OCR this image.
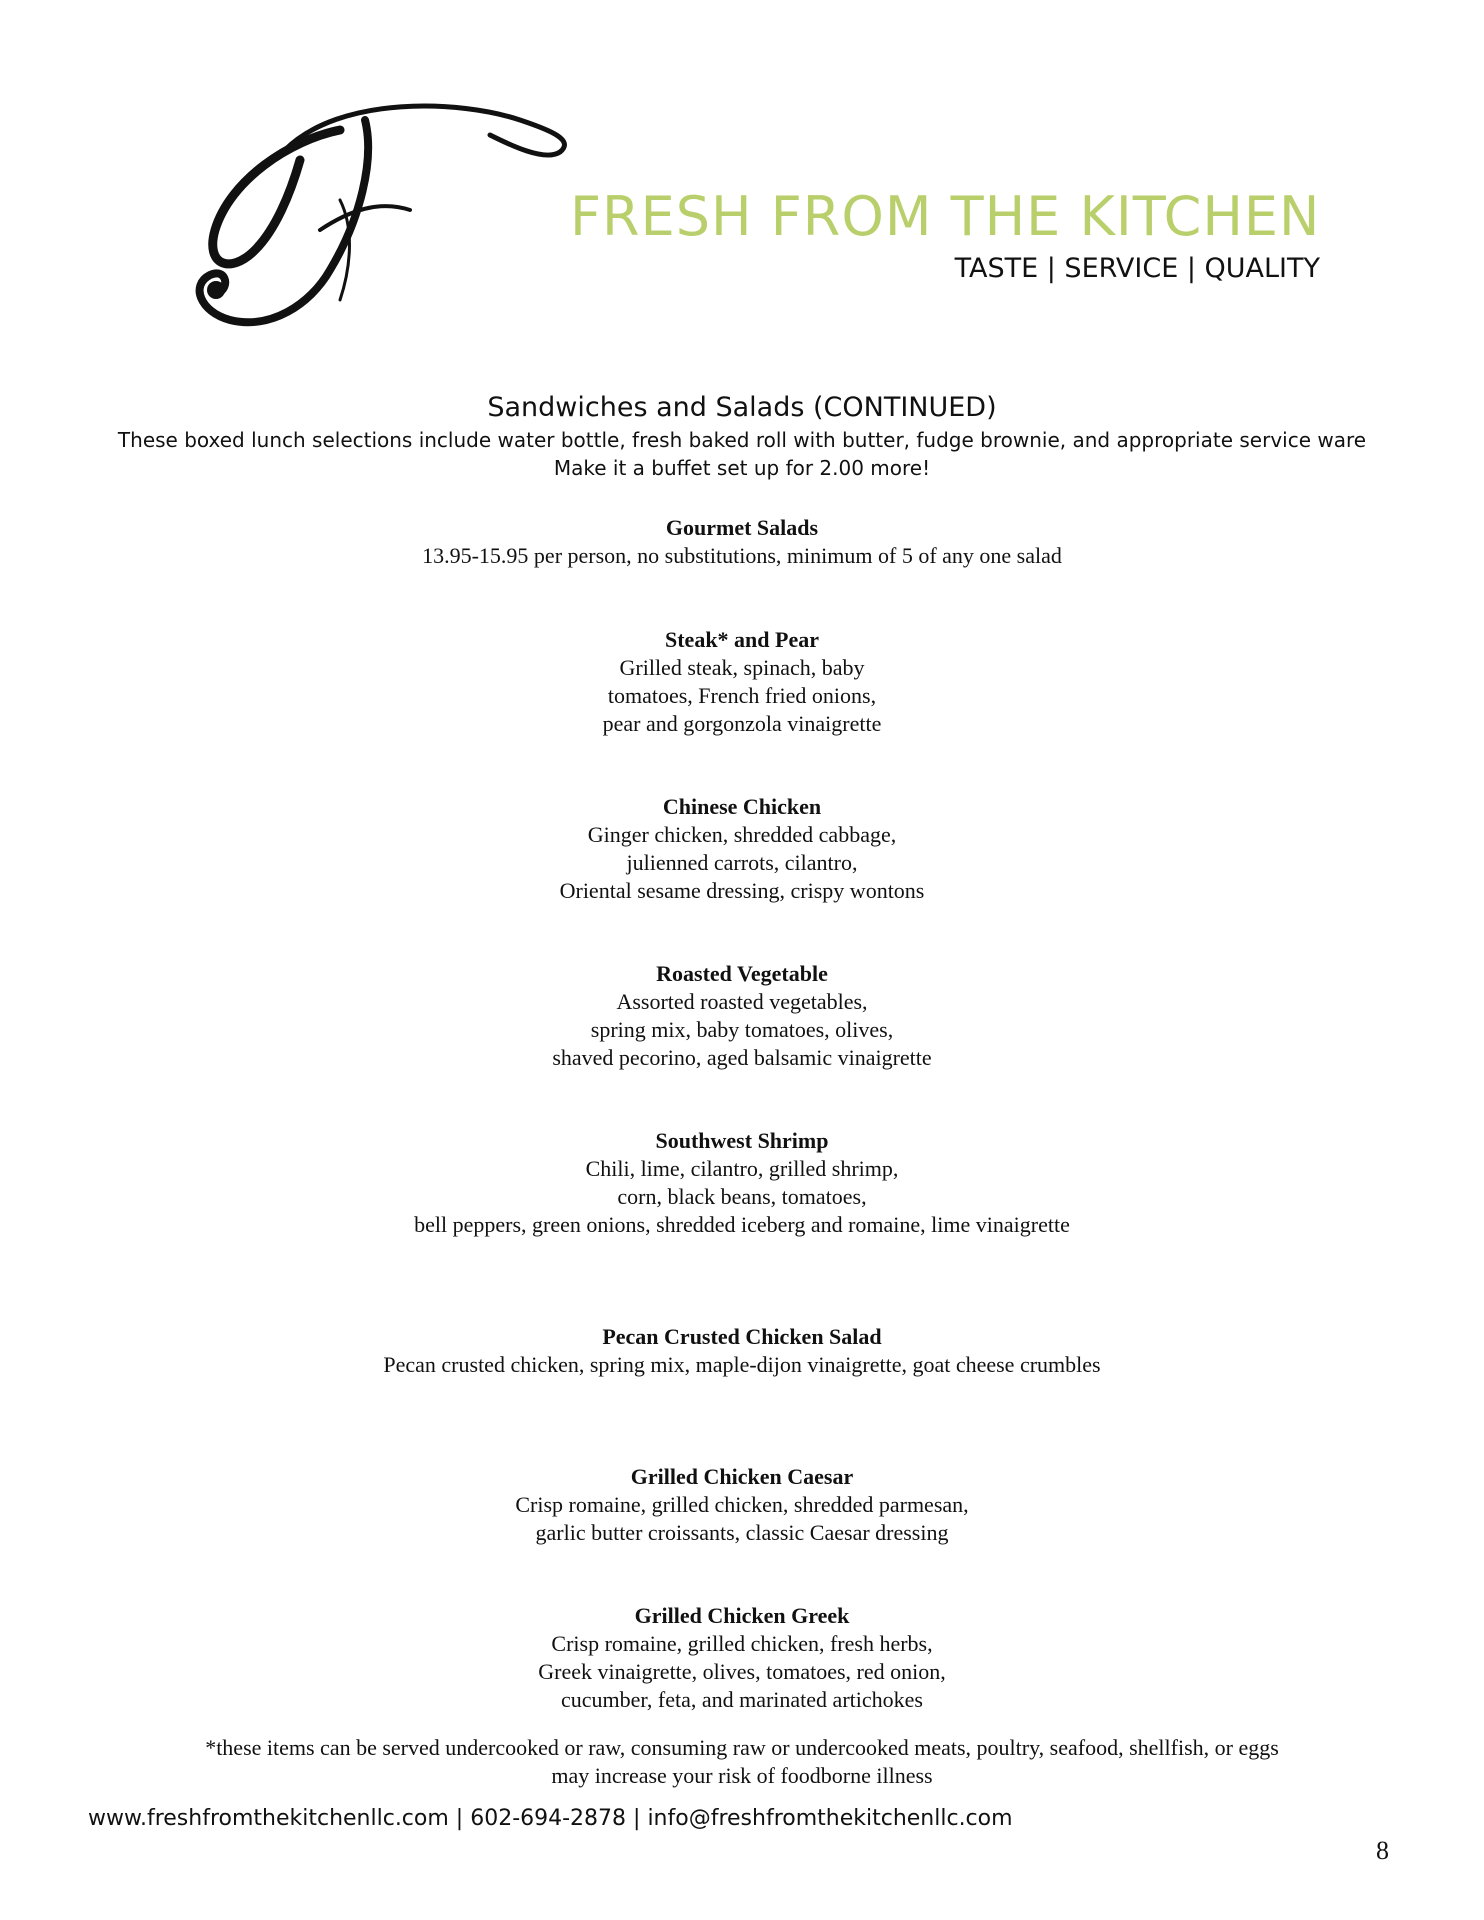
FRESH FROM THE KITCHEN
TASTE | SERVICE | QUALITY
Sandwiches and Salads (CONTINUED)
These boxed lunch selections include water bottle, fresh baked roll with butter, fudge brownie, and appropriate service ware
Make it a buffet set up for 2.00 more!
Gourmet Salads
13.95-15.95 per person, no substitutions, minimum of 5 of any one salad
Steak* and Pear
Grilled steak, spinach, baby
tomatoes, French fried onions,
pear and gorgonzola vinaigrette
Chinese Chicken
Ginger chicken, shredded cabbage,
julienned carrots, cilantro,
Oriental sesame dressing, crispy wontons
Roasted Vegetable
Assorted roasted vegetables,
spring mix, baby tomatoes, olives,
shaved pecorino, aged balsamic vinaigrette
Southwest Shrimp
Chili, lime, cilantro, grilled shrimp,
corn, black beans, tomatoes,
bell peppers, green onions, shredded iceberg and romaine, lime vinaigrette
Pecan Crusted Chicken Salad
Pecan crusted chicken, spring mix, maple-dijon vinaigrette, goat cheese crumbles
Grilled Chicken Caesar
Crisp romaine, grilled chicken, shredded parmesan,
garlic butter croissants, classic Caesar dressing
Grilled Chicken Greek
Crisp romaine, grilled chicken, fresh herbs,
Greek vinaigrette, olives, tomatoes, red onion,
cucumber, feta, and marinated artichokes
*these items can be served undercooked or raw, consuming raw or undercooked meats, poultry, seafood, shellfish, or eggs
may increase your risk of foodborne illness
www.freshfromthekitchenllc.com | 602-694-2878 | info@freshfromthekitchenllc.com
8
